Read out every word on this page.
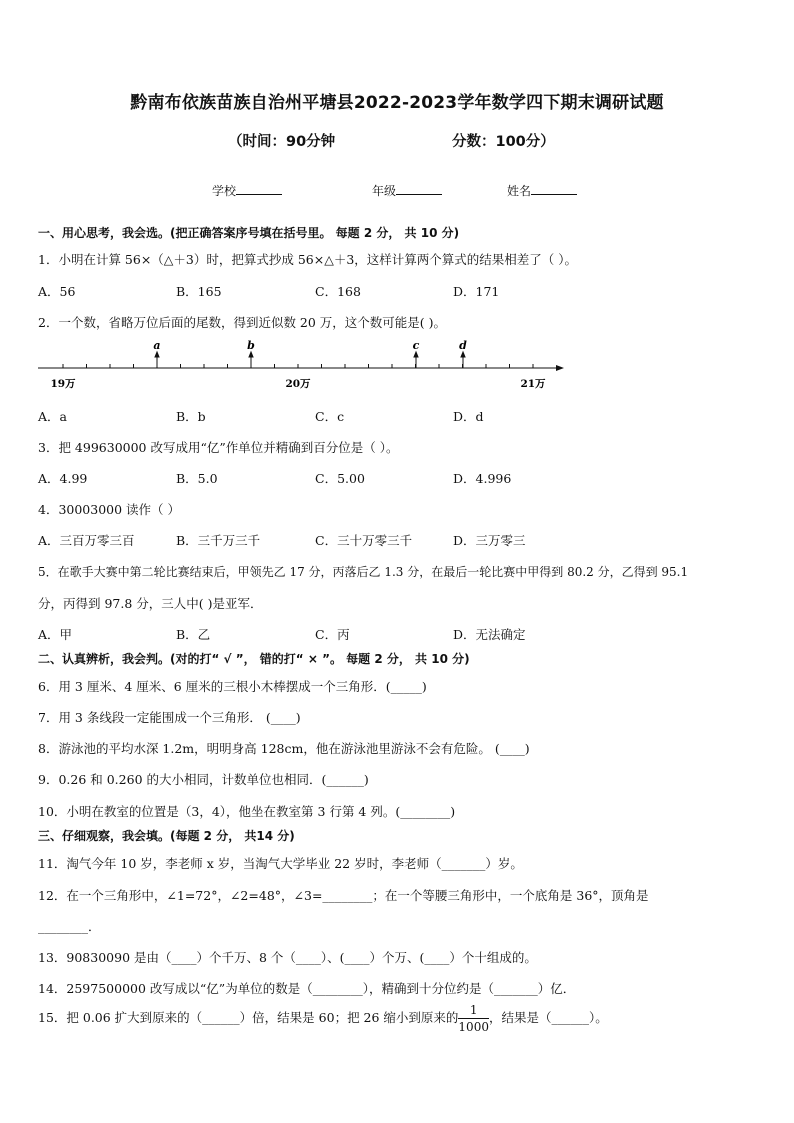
黔南布依族苗族自治州平塘县2022-2023学年数学四下期末调研试题
（时间：90分钟	分数：100分）
学校	年级	姓名
一、用心思考，我会选。(把正确答案序号填在括号里。 每题 2 分， 共 10 分)
1．小明在计算 56×（△＋3）时，把算式抄成 56×△＋3，这样计算两个算式的结果相差了（ ）。
A．56	B．165	C．168	D．171
2．一个数，省略万位后面的尾数，得到近似数 20 万，这个数可能是( )。
a	b	c	d
19万	20万	21万
A．a	B．b	C．c	D．d
3．把 499630000 改写成用“亿”作单位并精确到百分位是（ ）。
A．4.99	B．5.0	C．5.00	D．4.996
4．30003000 读作（ ）
A．三百万零三百	B．三千万三千	C．三十万零三千	D．三万零三
5．在歌手大赛中第二轮比赛结束后，甲领先乙 17 分，丙落后乙 1.3 分，在最后一轮比赛中甲得到 80.2 分，乙得到 95.1
分，丙得到 97.8 分，三人中( )是亚军．
A．甲	B．乙	C．丙	D．无法确定
二、认真辨析，我会判。(对的打“ √ ”， 错的打“ × ”。 每题 2 分， 共 10 分)
6．用 3 厘米、4 厘米、6 厘米的三根小木棒摆成一个三角形．(_____)
7．用 3 条线段一定能围成一个三角形． (____)
8．游泳池的平均水深 1.2m，明明身高 128cm，他在游泳池里游泳不会有危险。 (____)
9．0.26 和 0.260 的大小相同，计数单位也相同．(______)
10．小明在教室的位置是（3，4），他坐在教室第 3 行第 4 列。(________)
三、仔细观察，我会填。(每题 2 分， 共14 分)
11．淘气今年 10 岁，李老师 x 岁，当淘气大学毕业 22 岁时，李老师（_______）岁。
12．在一个三角形中，∠1=72°，∠2=48°，∠3=________；在一个等腰三角形中，一个底角是 36°，顶角是
________．
13．90830090 是由（____）个千万、8 个（____）、(____）个万、(____）个十组成的。
14．2597500000 改写成以“亿”为单位的数是（________），精确到十分位约是（_______）亿．
15．把 0.06 扩大到原来的（______）倍，结果是 60；把 26 缩小到原来的 $\frac{1}{1000}$ ，结果是（______）。
